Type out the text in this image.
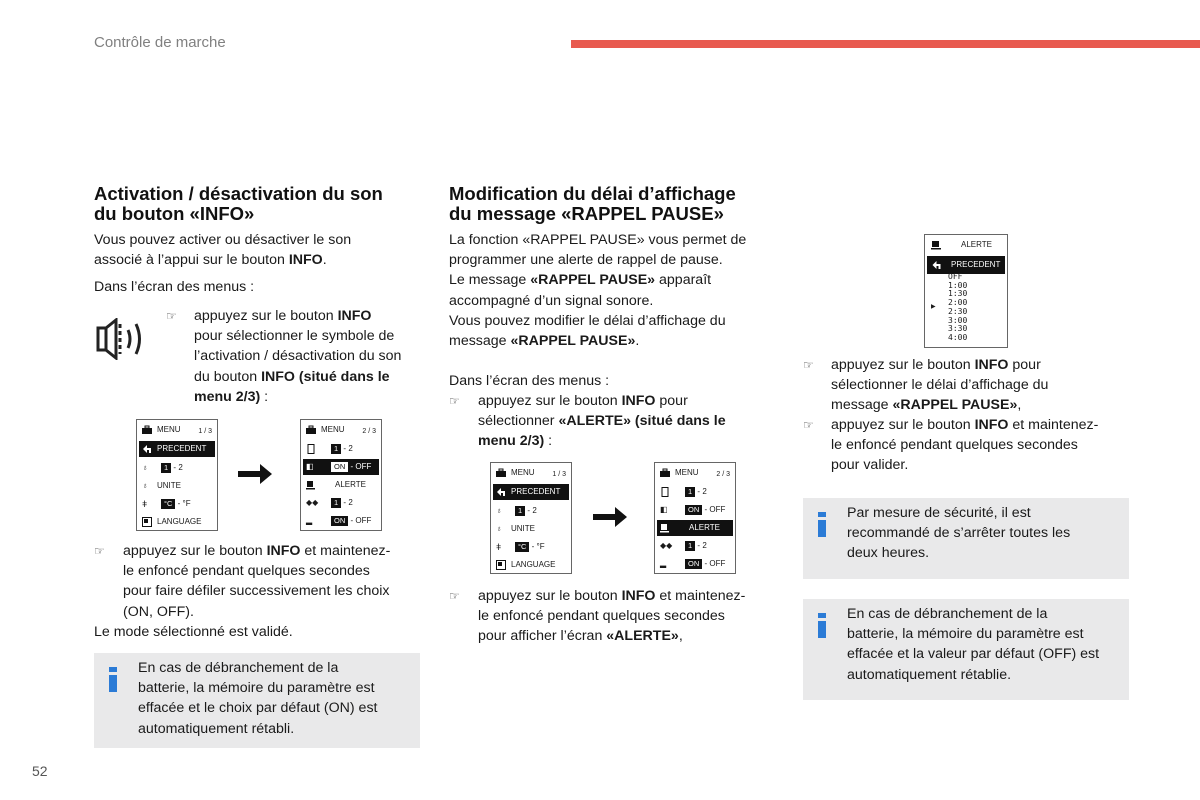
Contrôle de marche
Activation / désactivation du son
du bouton «INFO»
Vous pouvez activer ou désactiver le son
associé à l’appui sur le bouton INFO.
Dans l’écran des menus :
☞	appuyez sur le bouton INFO
pour sélectionner le symbole de
l’activation / désactivation du son
du bouton INFO (situé dans le
menu 2/3) :
MENU	1 / 3
PRECEDENT
♁	1 - 2
♁	UNITE
ǂ	°C - °F
LANGUAGE
MENU	2 / 3
1 - 2
◧	ON - OFF
ALERTE
◆◆	1 - 2
▂	ON - OFF
☞	appuyez sur le bouton INFO et maintenez-
le enfoncé pendant quelques secondes
pour faire défiler successivement les choix
(ON, OFF).
Le mode sélectionné est validé.
En cas de débranchement de la
batterie, la mémoire du paramètre est
effacée et le choix par défaut (ON) est
automatiquement rétabli.
Modification du délai d’affichage
du message «RAPPEL PAUSE»
La fonction «RAPPEL PAUSE» vous permet de
programmer une alerte de rappel de pause.
Le message «RAPPEL PAUSE» apparaît
accompagné d’un signal sonore.
Vous pouvez modifier le délai d’affichage du
message «RAPPEL PAUSE».
Dans l’écran des menus :
☞	appuyez sur le bouton INFO pour
sélectionner «ALERTE» (situé dans le
menu 2/3) :
MENU	1 / 3
PRECEDENT
♁	1 - 2
♁	UNITE
ǂ	°C - °F
LANGUAGE
MENU	2 / 3
1 - 2
◧	ON - OFF
ALERTE
◆◆	1 - 2
▂	ON - OFF
☞	appuyez sur le bouton INFO et maintenez-
le enfoncé pendant quelques secondes
pour afficher l’écran «ALERTE»,
ALERTE
PRECEDENT
▶
OFF
1:00
1:30
2:00
2:30
3:00
3:30
4:00
☞	appuyez sur le bouton INFO pour
sélectionner le délai d’affichage du
message «RAPPEL PAUSE»,
☞	appuyez sur le bouton INFO et maintenez-
le enfoncé pendant quelques secondes
pour valider.
Par mesure de sécurité, il est
recommandé de s’arrêter toutes les
deux heures.
En cas de débranchement de la
batterie, la mémoire du paramètre est
effacée et la valeur par défaut (OFF) est
automatiquement rétablie.
52
